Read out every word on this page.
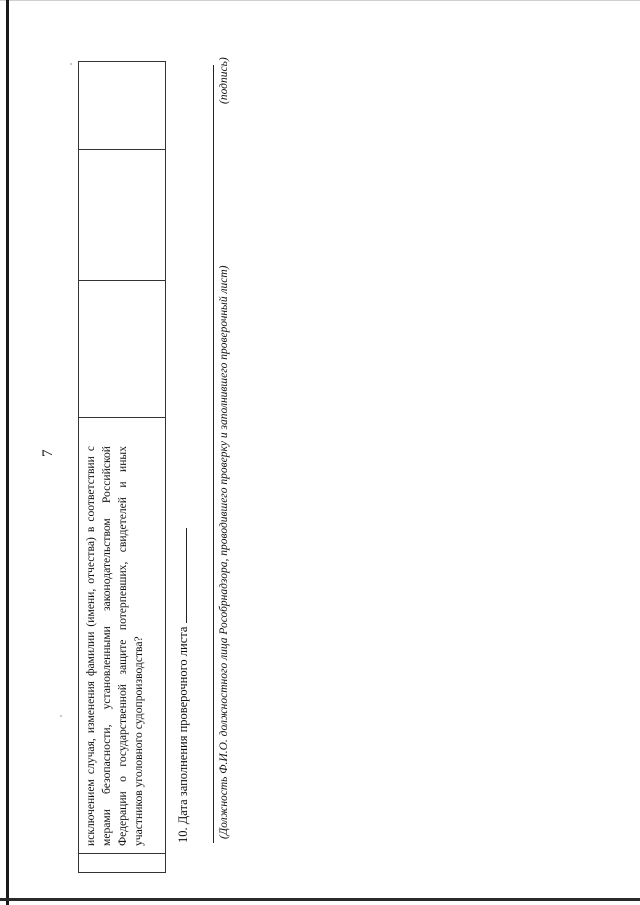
7 исключением случая, изменения фамилии (имени, отчества) в соответствии с мерами безопасности, установленными законодательством Российской Федерации о государственной защите потерпевших, свидетелей и иных участников уголовного судопроизводства? 10. Дата заполнения проверочного листа (Должность Ф.И.О. должностного лица Рособрнадзора, проводившего проверку и заполнившего проверочный лист)
(подпись)
